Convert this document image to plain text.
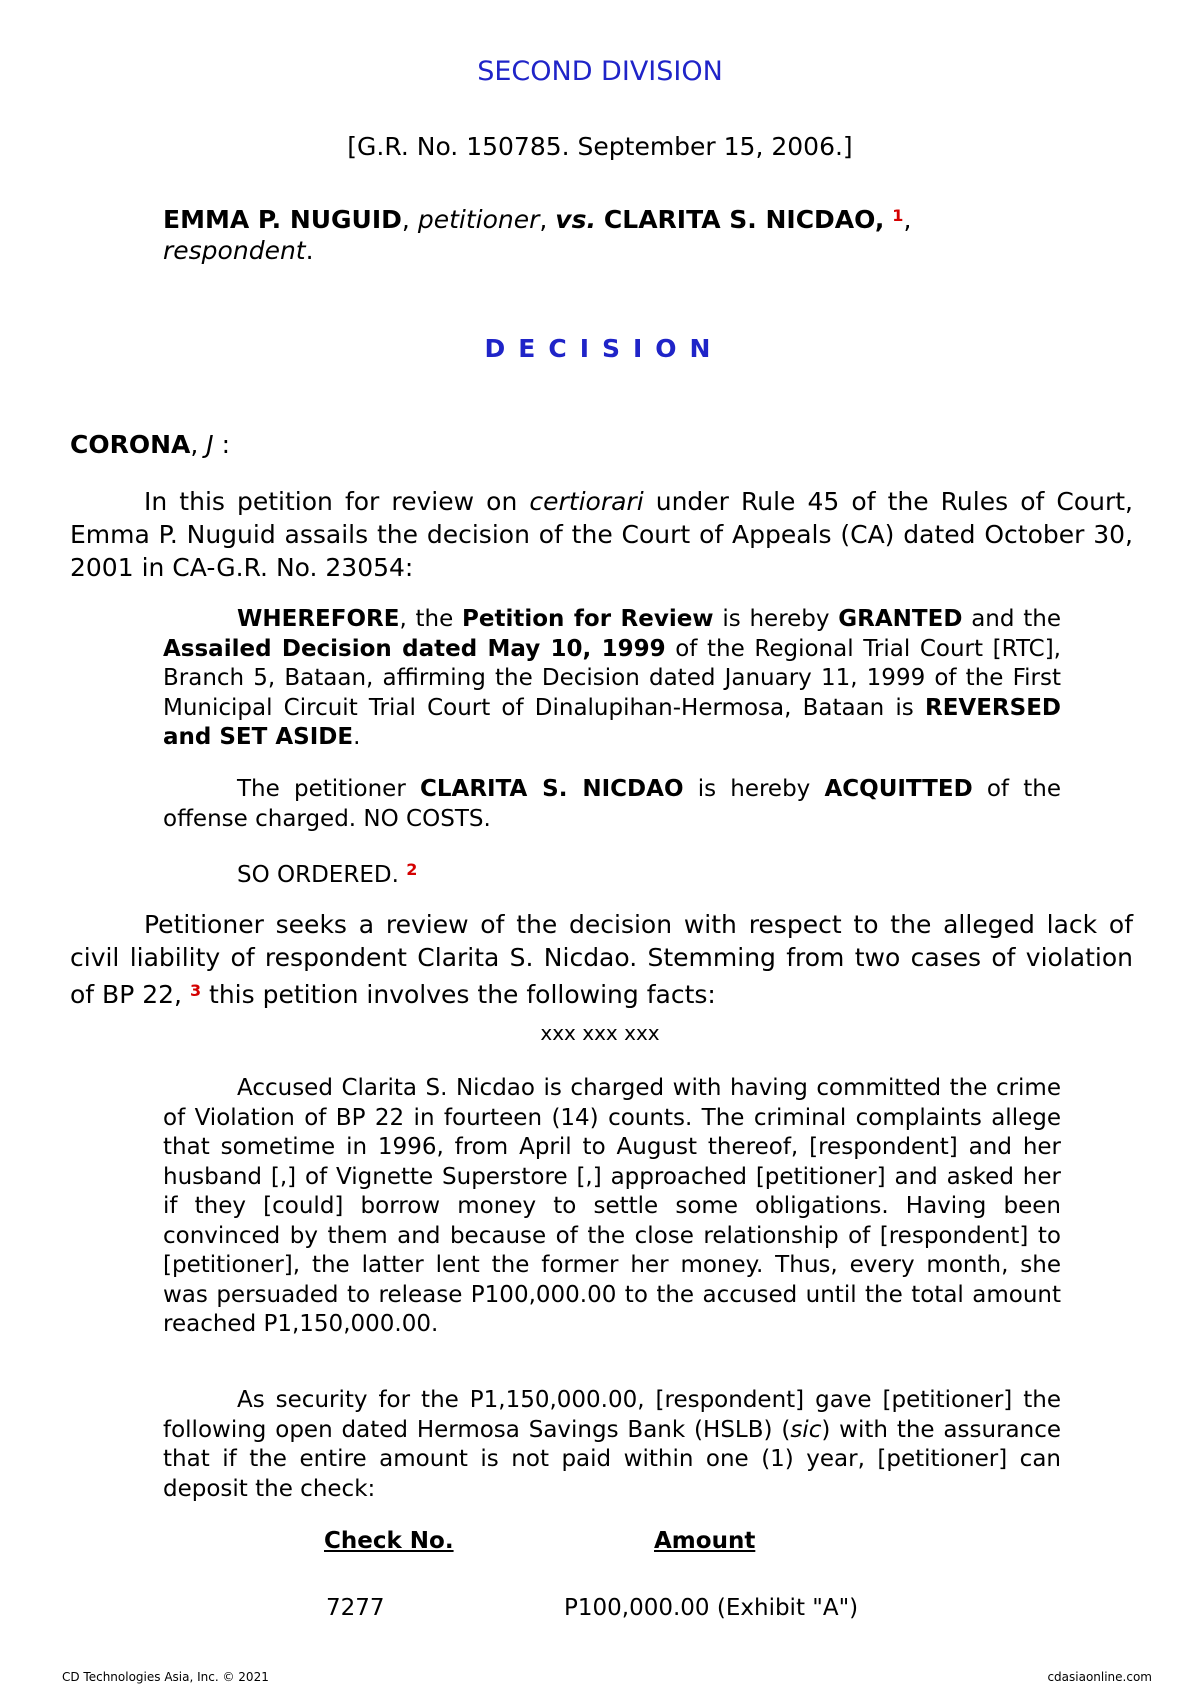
SECOND DIVISION
[G.R. No. 150785. September 15, 2006.]
EMMA P. NUGUID, petitioner, vs. CLARITA S. NICDAO, $^1$,
respondent.
DECISION
CORONA, J :
In this petition for review on certiorari under Rule 45 of the Rules of Court, Emma P. Nuguid assails the decision of the Court of Appeals (CA) dated October 30, 2001 in CA-G.R. No. 23054:
WHEREFORE, the Petition for Review is hereby GRANTED and the Assailed Decision dated May 10, 1999 of the Regional Trial Court [RTC], Branch 5, Bataan, affirming the Decision dated January 11, 1999 of the First Municipal Circuit Trial Court of Dinalupihan-Hermosa, Bataan is REVERSED and SET ASIDE.
The petitioner CLARITA S. NICDAO is hereby ACQUITTED of the offense charged. NO COSTS.
SO ORDERED. $^2$
Petitioner seeks a review of the decision with respect to the alleged lack of civil liability of respondent Clarita S. Nicdao. Stemming from two cases of violation of BP 22, $^3$ this petition involves the following facts:
xxx xxx xxx
Accused Clarita S. Nicdao is charged with having committed the crime of Violation of BP 22 in fourteen (14) counts. The criminal complaints allege that sometime in 1996, from April to August thereof, [respondent] and her husband [,] of Vignette Superstore [,] approached [petitioner] and asked her if they [could] borrow money to settle some obligations. Having been convinced by them and because of the close relationship of [respondent] to [petitioner], the latter lent the former her money. Thus, every month, she was persuaded to release P100,000.00 to the accused until the total amount reached P1,150,000.00.
As security for the P1,150,000.00, [respondent] gave [petitioner] the following open dated Hermosa Savings Bank (HSLB) (sic) with the assurance that if the entire amount is not paid within one (1) year, [petitioner] can deposit the check:
Check No.	Amount
7277	P100,000.00 (Exhibit "A")
CD Technologies Asia, Inc. © 2021	cdasiaonline.com
